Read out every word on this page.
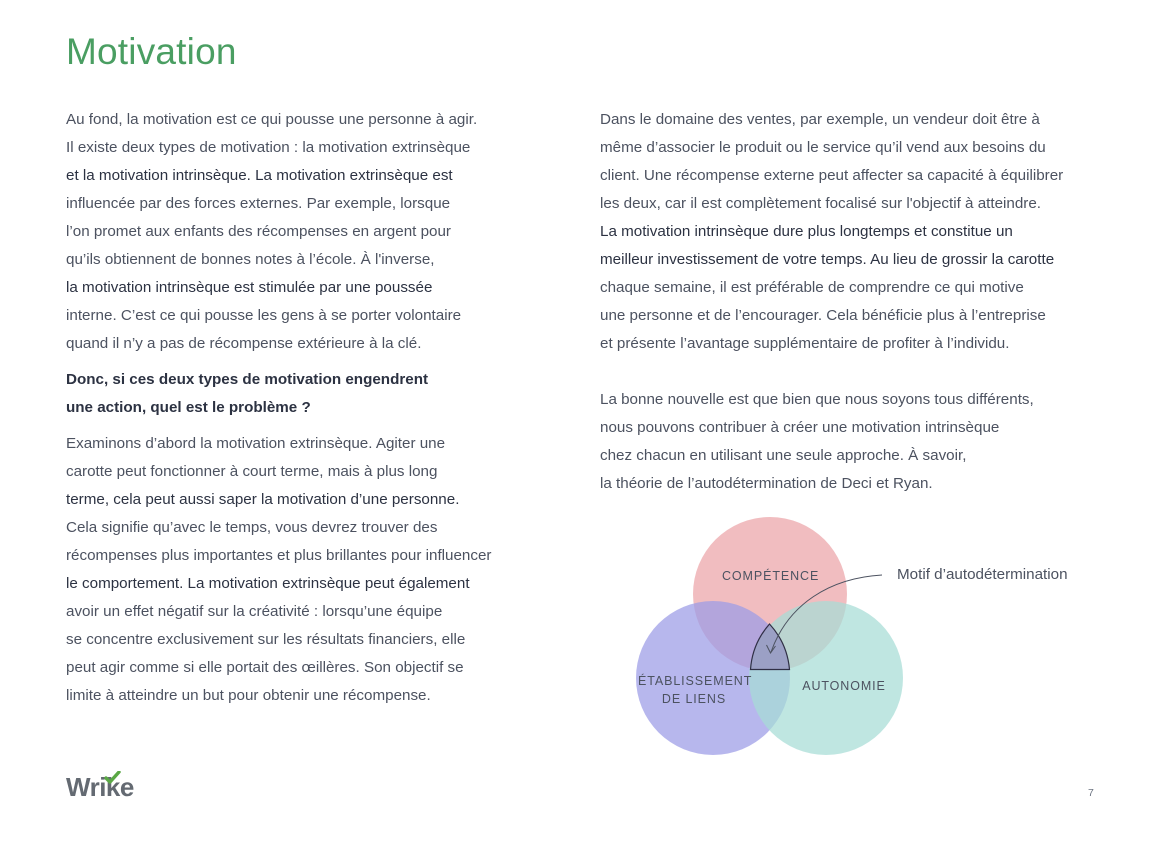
Motivation
Au fond, la motivation est ce qui pousse une personne à agir.
Il existe deux types de motivation : la motivation extrinsèque
et la motivation intrinsèque. La motivation extrinsèque est
influencée par des forces externes. Par exemple, lorsque
l’on promet aux enfants des récompenses en argent pour
qu’ils obtiennent de bonnes notes à l’école. À l'inverse,
la motivation intrinsèque est stimulée par une poussée
interne. C’est ce qui pousse les gens à se porter volontaire
quand il n’y a pas de récompense extérieure à la clé.
Donc, si ces deux types de motivation engendrent
une action, quel est le problème ?
Examinons d’abord la motivation extrinsèque. Agiter une
carotte peut fonctionner à court terme, mais à plus long
terme, cela peut aussi saper la motivation d’une personne.
Cela signifie qu’avec le temps, vous devrez trouver des
récompenses plus importantes et plus brillantes pour influencer
le comportement. La motivation extrinsèque peut également
avoir un effet négatif sur la créativité : lorsqu’une équipe
se concentre exclusivement sur les résultats financiers, elle
peut agir comme si elle portait des œillères. Son objectif se
limite à atteindre un but pour obtenir une récompense.
Dans le domaine des ventes, par exemple, un vendeur doit être à
même d’associer le produit ou le service qu’il vend aux besoins du
client. Une récompense externe peut affecter sa capacité à équilibrer
les deux, car il est complètement focalisé sur l'objectif à atteindre.
La motivation intrinsèque dure plus longtemps et constitue un
meilleur investissement de votre temps. Au lieu de grossir la carotte
chaque semaine, il est préférable de comprendre ce qui motive
une personne et de l’encourager. Cela bénéficie plus à l’entreprise
et présente l’avantage supplémentaire de profiter à l’individu.
La bonne nouvelle est que bien que nous soyons tous différents,
nous pouvons contribuer à créer une motivation intrinsèque
chez chacun en utilisant une seule approche. À savoir,
la théorie de l’autodétermination de Deci et Ryan.
COMPÉTENCE
ÉTABLISSEMENT
DE LIENS
AUTONOMIE
Motif d’autodétermination
Wrike	7
